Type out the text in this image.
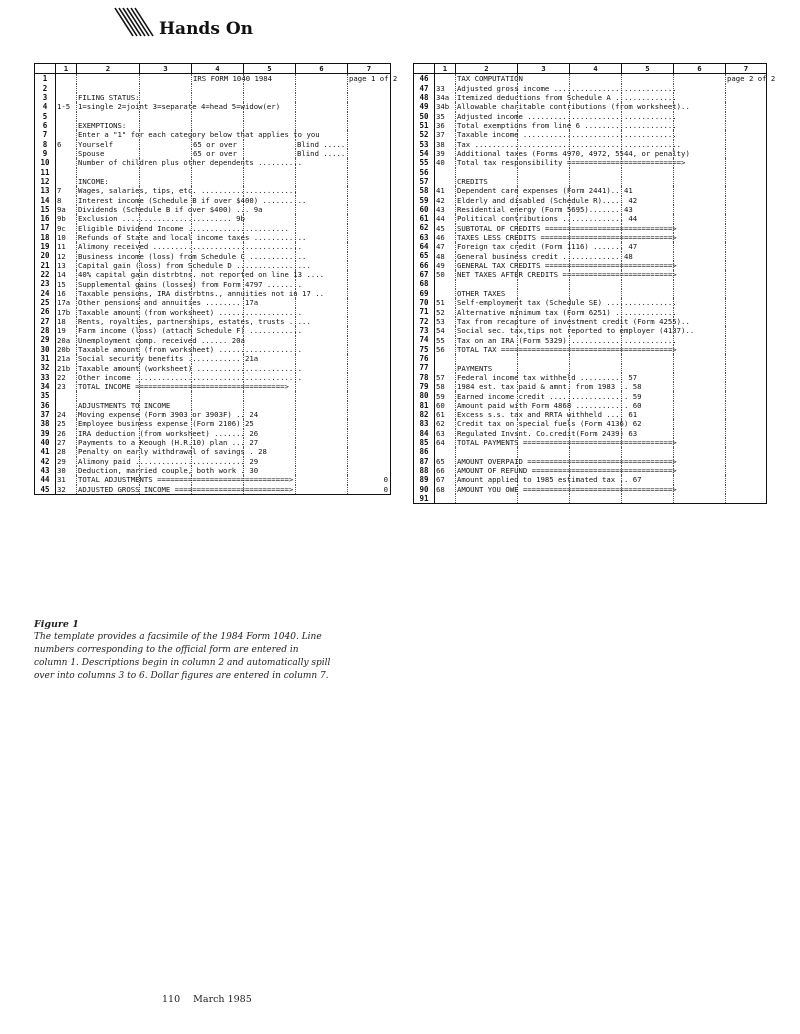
Hands On
	1	2	3	4	5	6	7
1				IRS FORM 1040 1984			page 1 of 2
2							
3		FILING STATUS:					
4	1-5	1=single 2=joint 3=separate 4=head 5=widow(er)					
5							
6		EXEMPTIONS:					
7		Enter a "1" for each category below that applies to you					
8	6	Yourself		65 or over		Blind .....	
9		Spouse		65 or over		Blind .....	
10		Number of children plus other dependents ..........					
11							
12		INCOME:					
13	7	Wages, salaries, tips, etc. ......................					
14	8	Interest income (Schedule B if over $400) ..........					
15	9a	Dividends (Schedule B if over $400) ... 9a					
16	9b	Exclusion ......................... 9b					
17	9c	Eligible Dividend Income .......................					
18	10	Refunds of State and local income taxes ............					
19	11	Alimony received ..................................					
20	12	Business income (loss) from Schedule C .............					
21	13	Capital gain (loss) from Schedule D .................					
22	14	40% capital gain distrbtns. not reported on line 13 ....					
23	15	Supplemental gains (losses) from Form 4797 ........					
24	16	Taxable pensions, IRA distrbtns., annuities not in 17 ..					
25	17a	Other pensions and annuities ........ 17a					
26	17b	Taxable amount (from worksheet) ...................					
27	18	Rents, royalties, partnerships, estates, trusts .....					
28	19	Farm income (loss) (attach Schedule F) ............					
29	20a	Unemployment comp. received ...... 20a					
30	20b	Taxable amount (from worksheet) ...................					
31	21a	Social security benefits ............ 21a					
32	21b	Taxable amount (worksheet) ........................					
33	22	Other income ......................................					
34	23	TOTAL INCOME ==================================>					
35							
36		ADJUSTMENTS TO INCOME					
37	24	Moving expense (Form 3903 or 3903F) .. 24					
38	25	Employee business expense (Form 2106) 25					
39	26	IRA deduction (from worksheet) ....... 26					
40	27	Payments to a Keough (H.R.10) plan ... 27					
41	28	Penalty on early withdrawal of savings . 28					
42	29	Alimony paid ......................... 29					
43	30	Deduction, married couple, both work . 30					
44	31	TOTAL ADJUSTMENTS ==============================>					0
45	32	ADJUSTED GROSS INCOME ==========================>					0
	1	2	3	4	5	6	7
46		TAX COMPUTATION					page 2 of 2
47	33	Adjusted gross income ............................					
48	34a	Itemized deductions from Schedule A ..............					
49	34b	Allowable charitable contributions (from worksheet)..					
50	35	Adjusted income ..................................					
51	36	Total exemptions from line 6 .....................					
52	37	Taxable income ...................................					
53	38	Tax ...............................................					
54	39	Additional taxes (Forms 4970, 4972, 5544, or penalty)					
55	40	Total tax responsibility ==========================>					
56							
57		CREDITS					
58	41	Dependent care expenses (Form 2441).. 41					
59	42	Elderly and disabled (Schedule R)..... 42					
60	43	Residential energy (Form 5695)....... 43					
61	44	Political contributions .............. 44					
62	45	SUBTOTAL OF CREDITS =============================>					
63	46	TAXES LESS CREDITS ==============================>					
64	47	Foreign tax credit (Form 1116) ....... 47					
65	48	General business credit ............. 48					
66	49	GENERAL TAX CREDITS =============================>					
67	50	NET TAXES AFTER CREDITS =========================>					
68							
69		OTHER TAXES					
70	51	Self-employment tax (Schedule SE) ................					
71	52	Alternative minimum tax (Form 6251) ..............					
72	53	Tax from recapture of investment credit (Form 4255)..					
73	54	Social sec. tax,tips not reported to employer (4137)..					
74	55	Tax on an IRA (Form 5329) ........................					
75	56	TOTAL TAX =======================================>					
76							
77		PAYMENTS					
78	57	Federal income tax withheld .......... 57					
79	58	1984 est. tax paid & amnt. from 1983 .. 58					
80	59	Earned income credit .................. 59					
81	60	Amount paid with Form 4868 ............ 60					
82	61	Excess s.s. tax and RRTA withheld .... 61					
83	62	Credit tax on special fuels (Form 4136) 62					
84	63	Regulated Invsnt. Co.credit(Form 2439) 63					
85	64	TOTAL PAYMENTS ==================================>					
86							
87	65	AMOUNT OVERPAID =================================>					
88	66	AMOUNT OF REFUND ================================>					
89	67	Amount applied to 1985 estimated tax .. 67					
90	68	AMOUNT YOU OWE ==================================>					
91							
Figure 1
The template provides a facsimile of the 1984 Form 1040. Line numbers corresponding to the official form are entered in column 1. Descriptions begin in column 2 and automatically spill over into columns 3 to 6. Dollar figures are entered in column 7.
110 March 1985
